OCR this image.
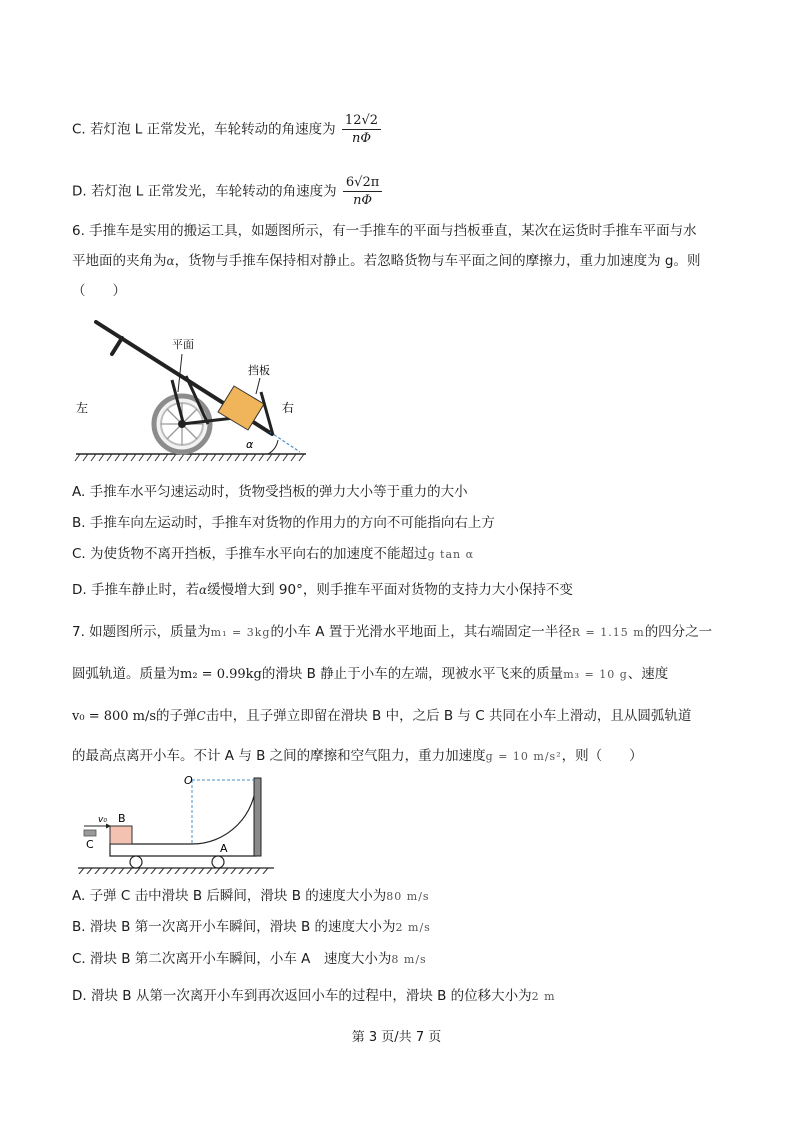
C. 若灯泡 L 正常发光，车轮转动的角速度为 $\frac{12√2}{n\Phi}$
D. 若灯泡 L 正常发光，车轮转动的角速度为 $\frac{6√2\pi}{n\Phi}$
6. 手推车是实用的搬运工具，如题图所示，有一手推车的平面与挡板垂直，某次在运货时手推车平面与水
平地面的夹角为α，货物与手推车保持相对静止。若忽略货物与车平面之间的摩擦力，重力加速度为 g。则
（　　）
平面
挡板
左	右
α
A. 手推车水平匀速运动时，货物受挡板的弹力大小等于重力的大小
B. 手推车向左运动时，手推车对货物的作用力的方向不可能指向右上方
C. 为使货物不离开挡板，手推车水平向右的加速度不能超过g tan α
D. 手推车静止时，若α缓慢增大到 90°，则手推车平面对货物的支持力大小保持不变
7. 如题图所示，质量为m₁ = 3kg的小车 A 置于光滑水平地面上，其右端固定一半径R = 1.15 m的四分之一
圆弧轨道。质量为m₂ = 0.99kg的滑块 B 静止于小车的左端，现被水平飞来的质量m₃ = 10 g、速度
v₀ = 800 m/s的子弹C击中，且子弹立即留在滑块 B 中，之后 B 与 C 共同在小车上滑动，且从圆弧轨道
的最高点离开小车。不计 A 与 B 之间的摩擦和空气阻力，重力加速度g = 10 m/s²，则（　　）
O
v₀ B
C	A
A. 子弹 C 击中滑块 B 后瞬间，滑块 B 的速度大小为80 m/s
B. 滑块 B 第一次离开小车瞬间，滑块 B 的速度大小为2 m/s
C. 滑块 B 第二次离开小车瞬间，小车 A　速度大小为8 m/s
D. 滑块 B 从第一次离开小车到再次返回小车的过程中，滑块 B 的位移大小为2 m
第 3 页/共 7 页
